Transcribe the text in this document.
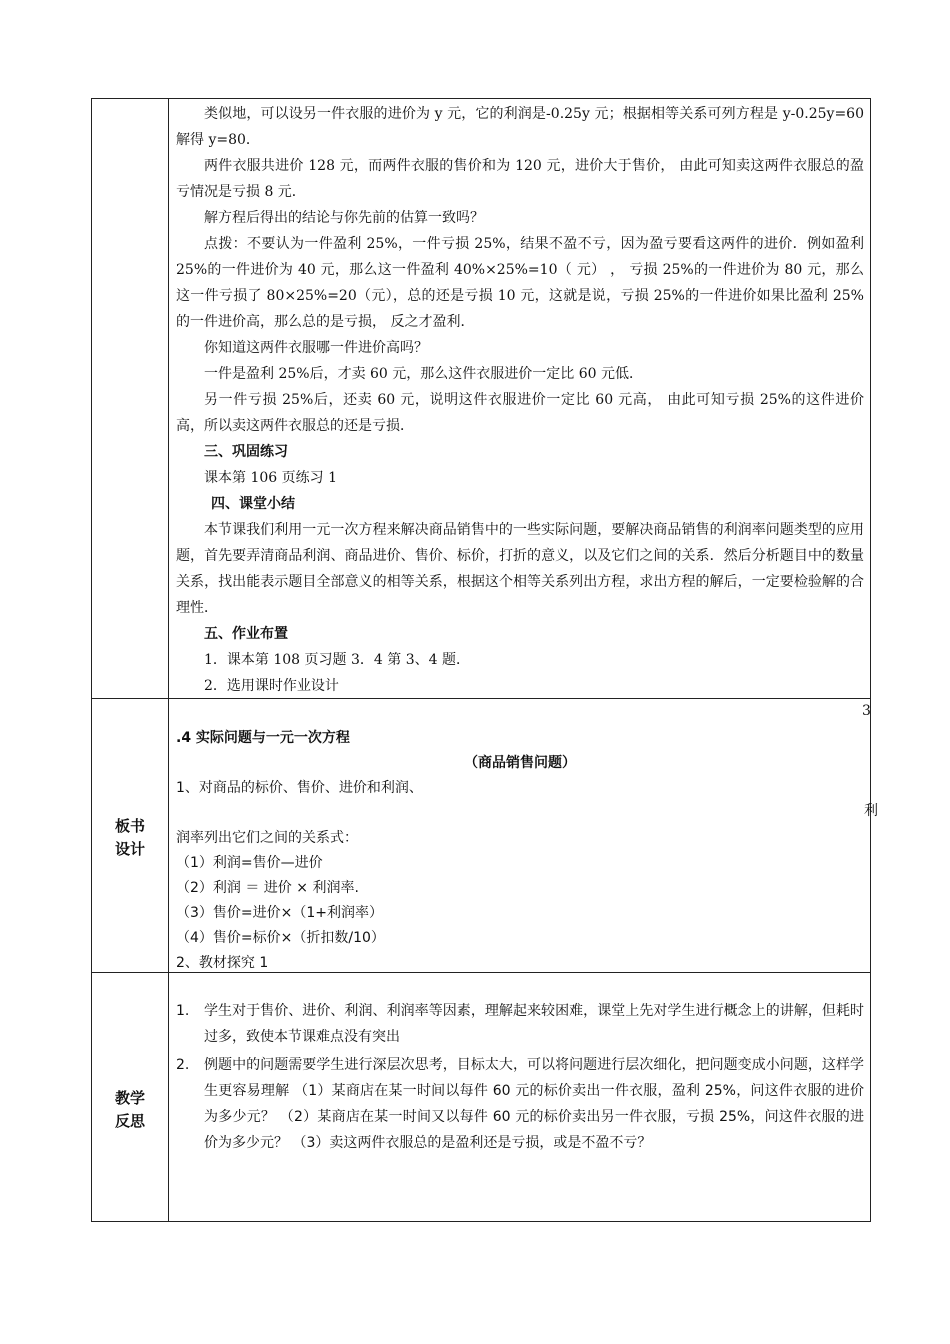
类似地，可以设另一件衣服的进价为 y 元，它的利润是-0.25y 元；根据相等关系可列方程是 y-0.25y=60 解得 y=80．

两件衣服共进价 128 元，而两件衣服的售价和为 120 元，进价大于售价， 由此可知卖这两件衣服总的盈亏情况是亏损 8 元．

解方程后得出的结论与你先前的估算一致吗？

点拨：不要认为一件盈利 25%，一件亏损 25%，结果不盈不亏，因为盈亏要看这两件的进价．例如盈利 25%的一件进价为 40 元，那么这一件盈利 40%×25%=10（ 元） ， 亏损 25%的一件进价为 80 元，那么这一件亏损了 80×25%=20（元），总的还是亏损 10 元，这就是说，亏损 25%的一件进价如果比盈利 25%的一件进价高，那么总的是亏损， 反之才盈利．

你知道这两件衣服哪一件进价高吗？

一件是盈利 25%后，才卖 60 元，那么这件衣服进价一定比 60 元低．

另一件亏损 25%后，还卖 60 元，说明这件衣服进价一定比 60 元高， 由此可知亏损 25%的这件进价高，所以卖这两件衣服总的还是亏损．

三、巩固练习

课本第 106 页练习 1

四、课堂小结

本节课我们利用一元一次方程来解决商品销售中的一些实际问题，要解决商品销售的利润率问题类型的应用题，首先要弄清商品利润、商品进价、售价、标价，打折的意义，以及它们之间的关系．然后分析题目中的数量关系，找出能表示题目全部意义的相等关系，根据这个相等关系列出方程，求出方程的解后，一定要检验解的合理性．

五、作业布置

1．课本第 108 页习题 3．4 第 3、4 题．

2．选用课时作业设计

板书
设计
3
利

.4 实际问题与一元一次方程

（商品销售问题）

1、对商品的标价、售价、进价和利润、

润率列出它们之间的关系式：

（1）利润=售价—进价

（2）利润 ＝ 进价 × 利润率.

（3）售价=进价×（1+利润率）

（4）售价=标价×（折扣数/10）

2、教材探究 1

教学
反思
1. 学生对于售价、进价、利润、利润率等因素，理解起来较困难，课堂上先对学生进行概念上的讲解，但耗时过多，致使本节课难点没有突出
2. 例题中的问题需要学生进行深层次思考，目标太大，可以将问题进行层次细化，把问题变成小问题，这样学生更容易理解 （1）某商店在某一时间以每件 60 元的标价卖出一件衣服，盈利 25%，问这件衣服的进价为多少元？ （2）某商店在某一时间又以每件 60 元的标价卖出另一件衣服，亏损 25%，问这件衣服的进价为多少元？ （3）卖这两件衣服总的是盈利还是亏损，或是不盈不亏？
